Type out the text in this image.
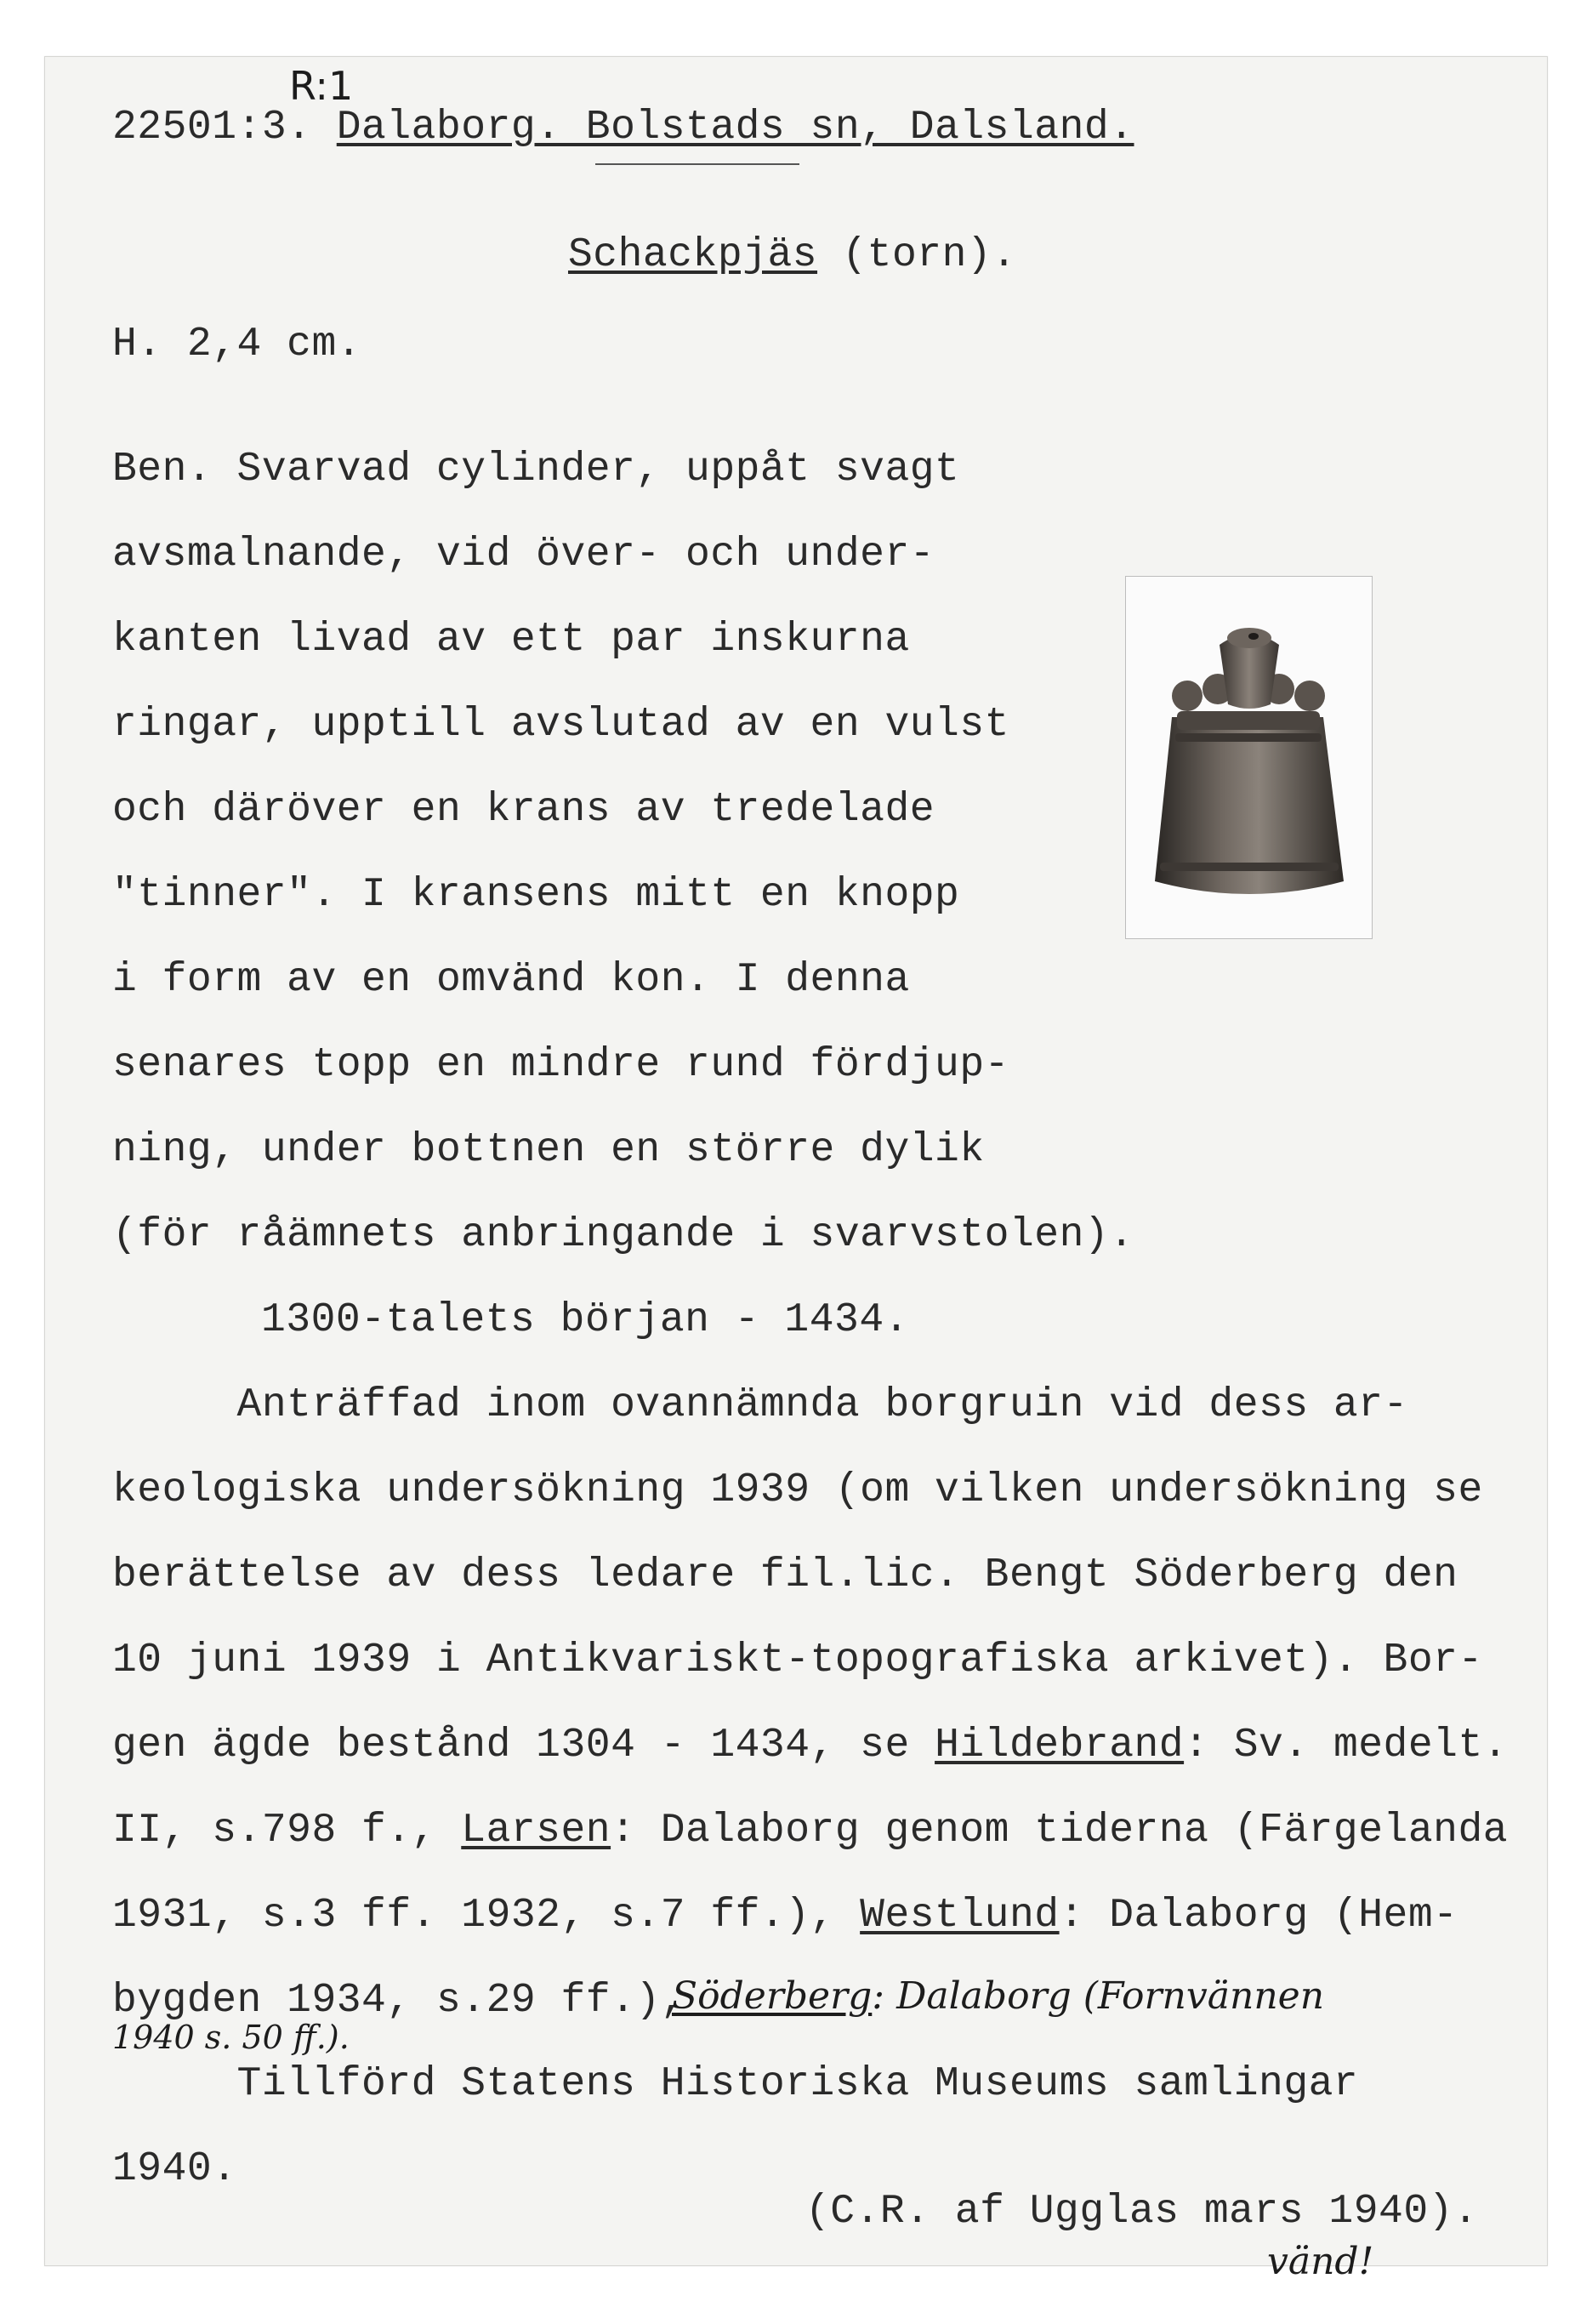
R:1
22501:3. Dalaborg. Bolstads sn, Dalsland.
Schackpjäs (torn).
H. 2,4 cm.
Ben. Svarvad cylinder, uppåt svagt
avsmalnande, vid över- och under-
kanten livad av ett par inskurna
ringar, upptill avslutad av en vulst
och däröver en krans av tredelade
"tinner". I kransens mitt en knopp
i form av en omvänd kon. I denna
senares topp en mindre rund fördjup-
ning, under bottnen en större dylik
(för råämnets anbringande i svarvstolen).
1300-talets början - 1434.
Anträffad inom ovannämnda borgruin vid dess ar-
keologiska undersökning 1939 (om vilken undersökning se
berättelse av dess ledare fil.lic. Bengt Söderberg den
10 juni 1939 i Antikvariskt-topografiska arkivet). Bor-
gen ägde bestånd 1304 - 1434, se Hildebrand: Sv. medelt.
II, s.798 f., Larsen: Dalaborg genom tiderna (Färgelanda
1931, s.3 ff. 1932, s.7 ff.), Westlund: Dalaborg (Hem-
bygden 1934, s.29 ff.),
Söderberg: Dalaborg (Fornvännen
1940 s. 50 ff.).
Tillförd Statens Historiska Museums samlingar
1940.
(C.R. af Ugglas mars 1940).
vänd!
